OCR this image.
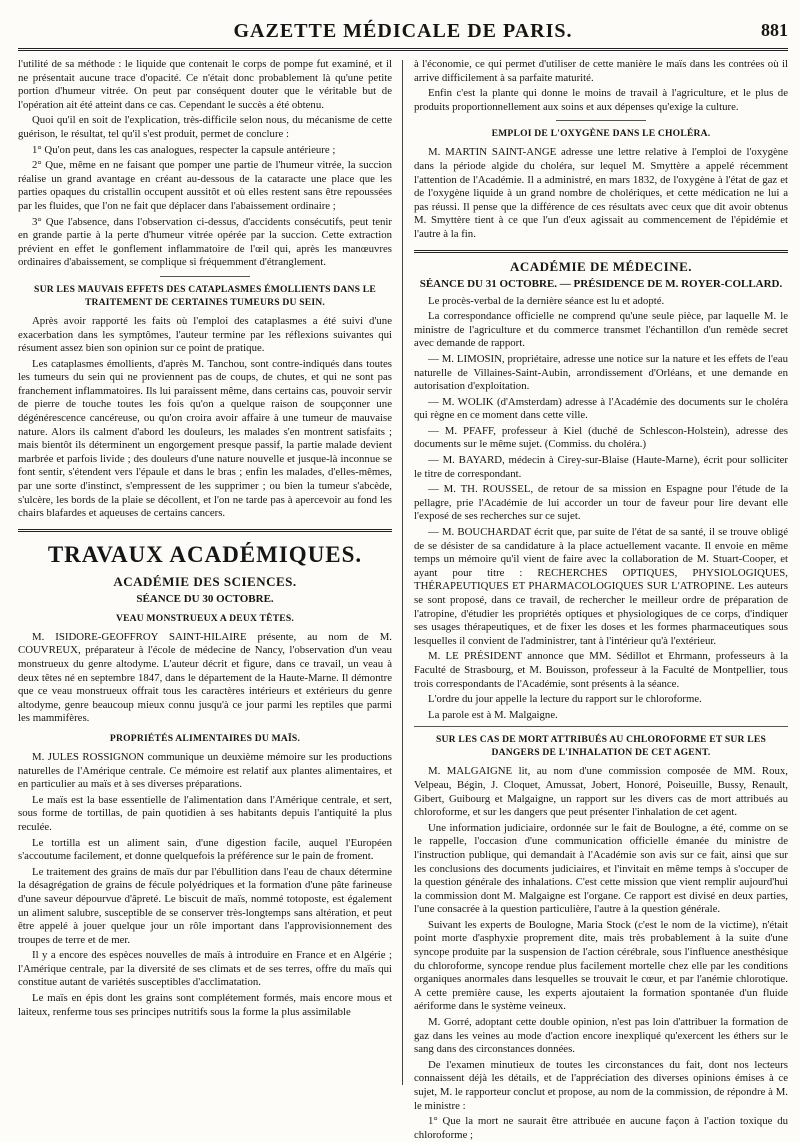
GAZETTE MÉDICALE DE PARIS.	881

l'utilité de sa méthode : le liquide que contenait le corps de pompe fut examiné, et il ne présentait aucune trace d'opacité. Ce n'était donc probablement là qu'une petite portion d'humeur vitrée. On peut par conséquent douter que le véritable but de l'opération ait été atteint dans ce cas. Cependant le succès a été obtenu.

Quoi qu'il en soit de l'explication, très-difficile selon nous, du mécanisme de cette guérison, le résultat, tel qu'il s'est produit, permet de conclure :

1° Qu'on peut, dans les cas analogues, respecter la capsule antérieure ;

2° Que, même en ne faisant que pomper une partie de l'humeur vitrée, la succion réalise un grand avantage en créant au-dessous de la cataracte une place que les parties opaques du cristallin occupent aussitôt et où elles restent sans être repoussées par les fluides, que l'on ne fait que déplacer dans l'abaissement ordinaire ;

3° Que l'absence, dans l'observation ci-dessus, d'accidents consécutifs, peut tenir en grande partie à la perte d'humeur vitrée opérée par la succion. Cette extraction prévient en effet le gonflement inflammatoire de l'œil qui, après les manœuvres ordinaires d'abaissement, se complique si fréquemment d'étranglement.

SUR LES MAUVAIS EFFETS DES CATAPLASMES ÉMOLLIENTS DANS LE TRAITEMENT DE CERTAINES TUMEURS DU SEIN.

Après avoir rapporté les faits où l'emploi des cataplasmes a été suivi d'une exacerbation dans les symptômes, l'auteur termine par les réflexions suivantes qui résument assez bien son opinion sur ce point de pratique.

Les cataplasmes émollients, d'après M. Tanchou, sont contre-indiqués dans toutes les tumeurs du sein qui ne proviennent pas de coups, de chutes, et qui ne sont pas franchement inflammatoires. Ils lui paraissent même, dans certains cas, pouvoir servir de pierre de touche toutes les fois qu'on a quelque raison de soupçonner une dégénérescence cancéreuse, ou qu'on croira avoir affaire à une tumeur de mauvaise nature. Alors ils calment d'abord les douleurs, les malades s'en montrent satisfaits ; mais bientôt ils déterminent un engorgement presque passif, la partie malade devient marbrée et parfois livide ; des douleurs d'une nature nouvelle et jusque-là inconnue se font sentir, s'étendent vers l'épaule et dans le bras ; enfin les malades, d'elles-mêmes, par une sorte d'instinct, s'empressent de les supprimer ; ou bien la tumeur s'abcède, s'ulcère, les bords de la plaie se décollent, et l'on ne tarde pas à apercevoir au fond les chairs blafardes et aqueuses de certains cancers.

TRAVAUX ACADÉMIQUES.
ACADÉMIE DES SCIENCES.
SÉANCE DU 30 OCTOBRE.
VEAU MONSTRUEUX A DEUX TÊTES.

M. ISIDORE-GEOFFROY SAINT-HILAIRE présente, au nom de M. COUVREUX, préparateur à l'école de médecine de Nancy, l'observation d'un veau monstrueux du genre altodyme. L'auteur décrit et figure, dans ce travail, un veau à deux têtes né en septembre 1847, dans le département de la Haute-Marne. Il démontre que ce veau monstrueux offrait tous les caractères intérieurs et extérieurs du genre altodyme, genre beaucoup mieux connu jusqu'à ce jour parmi les reptiles que parmi les mammifères.

PROPRIÉTÉS ALIMENTAIRES DU MAÏS.

M. JULES ROSSIGNON communique un deuxième mémoire sur les productions naturelles de l'Amérique centrale. Ce mémoire est relatif aux plantes alimentaires, et en particulier au maïs et à ses diverses préparations.

Le maïs est la base essentielle de l'alimentation dans l'Amérique centrale, et sert, sous forme de tortillas, de pain quotidien à ses habitants depuis l'antiquité la plus reculée.

Le tortilla est un aliment sain, d'une digestion facile, auquel l'Européen s'accoutume facilement, et donne quelquefois la préférence sur le pain de froment.

Le traitement des grains de maïs dur par l'ébullition dans l'eau de chaux détermine la désagrégation de grains de fécule polyédriques et la formation d'une pâte farineuse d'une saveur dépourvue d'âpreté. Le biscuit de maïs, nommé totoposte, est également un aliment salubre, susceptible de se conserver très-longtemps sans altération, et peut être appelé à jouer quelque jour un rôle important dans l'approvisionnement des troupes de terre et de mer.

Il y a encore des espèces nouvelles de maïs à introduire en France et en Algérie ; l'Amérique centrale, par la diversité de ses climats et de ses terres, offre du maïs qui constitue autant de variétés susceptibles d'acclimatation.

Le maïs en épis dont les grains sont complétement formés, mais encore mous et laiteux, renferme tous ses principes nutritifs sous la forme la plus assimilable

à l'économie, ce qui permet d'utiliser de cette manière le maïs dans les contrées où il arrive difficilement à sa parfaite maturité.

Enfin c'est la plante qui donne le moins de travail à l'agriculture, et le plus de produits proportionnellement aux soins et aux dépenses qu'exige la culture.

EMPLOI DE L'OXYGÈNE DANS LE CHOLÉRA.

M. MARTIN SAINT-ANGE adresse une lettre relative à l'emploi de l'oxygène dans la période algide du choléra, sur lequel M. Smyttère a appelé récemment l'attention de l'Académie. Il a administré, en mars 1832, de l'oxygène à l'état de gaz et de l'oxygène liquide à un grand nombre de cholériques, et cette médication ne lui a pas réussi. Il pense que la différence de ces résultats avec ceux que dit avoir obtenus M. Smyttère tient à ce que l'un d'eux agissait au commencement de l'épidémie et l'autre à la fin.

ACADÉMIE DE MÉDECINE.
SÉANCE DU 31 OCTOBRE. — PRÉSIDENCE DE M. ROYER-COLLARD.

Le procès-verbal de la dernière séance est lu et adopté.

La correspondance officielle ne comprend qu'une seule pièce, par laquelle M. le ministre de l'agriculture et du commerce transmet l'échantillon d'un remède secret avec demande de rapport.

— M. LIMOSIN, propriétaire, adresse une notice sur la nature et les effets de l'eau naturelle de Villaines-Saint-Aubin, arrondissement d'Orléans, et une demande en autorisation d'exploitation.

— M. WOLIK (d'Amsterdam) adresse à l'Académie des documents sur le choléra qui règne en ce moment dans cette ville.

— M. PFAFF, professeur à Kiel (duché de Schlescon-Holstein), adresse des documents sur le même sujet. (Commiss. du choléra.)

— M. BAYARD, médecin à Cirey-sur-Blaise (Haute-Marne), écrit pour solliciter le titre de correspondant.

— M. TH. ROUSSEL, de retour de sa mission en Espagne pour l'étude de la pellagre, prie l'Académie de lui accorder un tour de faveur pour lire devant elle l'exposé de ses recherches sur ce sujet.

— M. BOUCHARDAT écrit que, par suite de l'état de sa santé, il se trouve obligé de se désister de sa candidature à la place actuellement vacante. Il envoie en même temps un mémoire qu'il vient de faire avec la collaboration de M. Stuart-Cooper, et ayant pour titre : RECHERCHES OPTIQUES, PHYSIOLOGIQUES, THÉRAPEUTIQUES ET PHARMACOLOGIQUES SUR L'ATROPINE. Les auteurs se sont proposé, dans ce travail, de rechercher le meilleur ordre de préparation de l'atropine, d'étudier les propriétés optiques et physiologiques de ce corps, d'indiquer ses usages thérapeutiques, et de fixer les doses et les formes pharmaceutiques sous lesquelles il convient de l'administrer, tant à l'intérieur qu'à l'extérieur.

M. LE PRÉSIDENT annonce que MM. Sédillot et Ehrmann, professeurs à la Faculté de Strasbourg, et M. Bouisson, professeur à la Faculté de Montpellier, tous trois correspondants de l'Académie, sont présents à la séance.

L'ordre du jour appelle la lecture du rapport sur le chloroforme.

La parole est à M. Malgaigne.

SUR LES CAS DE MORT ATTRIBUÉS AU CHLOROFORME ET SUR LES DANGERS DE L'INHALATION DE CET AGENT.

M. MALGAIGNE lit, au nom d'une commission composée de MM. Roux, Velpeau, Bégin, J. Cloquet, Amussat, Jobert, Honoré, Poiseuille, Bussy, Renault, Gibert, Guibourg et Malgaigne, un rapport sur les divers cas de mort attribués au chloroforme, et sur les dangers que peut présenter l'inhalation de cet agent.

Une information judiciaire, ordonnée sur le fait de Boulogne, a été, comme on se le rappelle, l'occasion d'une communication officielle émanée du ministre de l'instruction publique, qui demandait à l'Académie son avis sur ce fait, ainsi que sur les conclusions des documents judiciaires, et l'invitait en même temps à s'occuper de la question générale des inhalations. C'est cette mission que vient remplir aujourd'hui la commission dont M. Malgaigne est l'organe. Ce rapport est divisé en deux parties, l'une consacrée à la question particulière, l'autre à la question générale.

Suivant les experts de Boulogne, Maria Stock (c'est le nom de la victime), n'était point morte d'asphyxie proprement dite, mais très probablement à la suite d'une syncope produite par la suspension de l'action cérébrale, sous l'influence anesthésique du chloroforme, syncope rendue plus facilement mortelle chez elle par les conditions organiques anormales dans lesquelles se trouvait le cœur, et par l'anémie chlorotique. A cette première cause, les experts ajoutaient la formation spontanée d'un fluide aériforme dans le système veineux.

M. Gorré, adoptant cette double opinion, n'est pas loin d'attribuer la formation de gaz dans les veines au mode d'action encore inexpliqué qu'exercent les éthers sur le sang dans des circonstances données.

De l'examen minutieux de toutes les circonstances du fait, dont nos lecteurs connaissent déjà les détails, et de l'appréciation des diverses opinions émises à ce sujet, M. le rapporteur conclut et propose, au nom de la commission, de répondre à M. le ministre :

1° Que la mort ne saurait être attribuée en aucune façon à l'action toxique du chloroforme ;
